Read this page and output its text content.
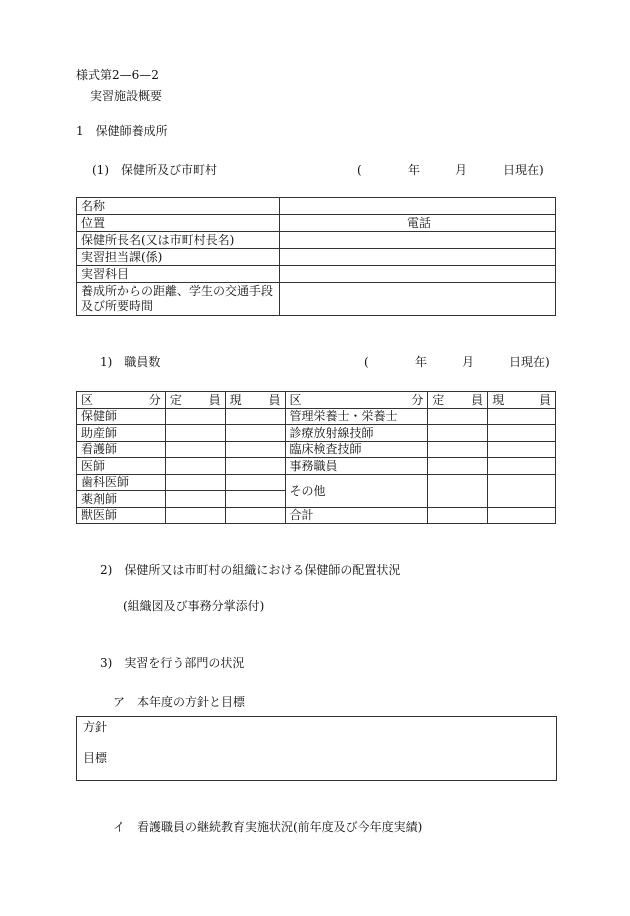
様式第2—6—2
実習施設概要
1　保健師養成所
(1)　保健所及び市町村	(	年	月	日現在)
名称	
位置	電話
保健所長名(又は市町村長名)	
実習担当課(係)	
実習科目	
養成所からの距離、学生の交通手段及び所要時間	
1)　職員数	(	年	月	日現在)
区 分	定 員	現 員	区 分	定 員	現 員

保健師			管理栄養士・栄養士		
助産師			診療放射線技師		
看護師			臨床検査技師		
医師			事務職員		
歯科医師			その他		
薬剤師					
獣医師			合計		
2)　保健所又は市町村の組織における保健師の配置状況
(組織図及び事務分掌添付)
3)　実習を行う部門の状況
ア　本年度の方針と目標
方針
目標
イ　看護職員の継続教育実施状況(前年度及び今年度実績)
